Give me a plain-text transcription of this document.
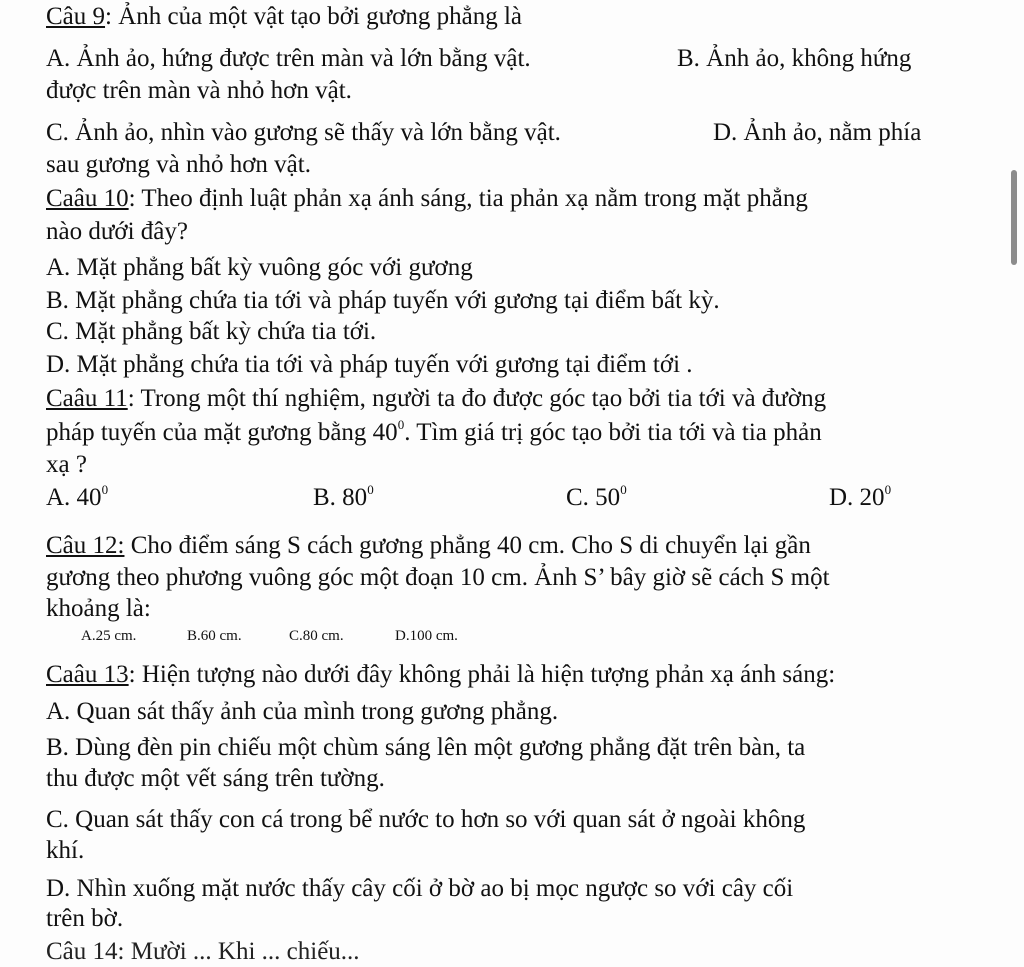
Câu 9: Ảnh của một vật tạo bởi gương phẳng là
A. Ảnh ảo, hứng được trên màn và lớn bằng vật.	B. Ảnh ảo, không hứng
được trên màn và nhỏ hơn vật.
C. Ảnh ảo, nhìn vào gương sẽ thấy và lớn bằng vật.	D. Ảnh ảo, nằm phía
sau gương và nhỏ hơn vật.
Caâu 10: Theo định luật phản xạ ánh sáng, tia phản xạ nằm trong mặt phẳng
nào dưới đây?
A. Mặt phẳng bất kỳ vuông góc với gương
B. Mặt phẳng chứa tia tới và pháp tuyến với gương tại điểm bất kỳ.
C. Mặt phẳng bất kỳ chứa tia tới.
D. Mặt phẳng chứa tia tới và pháp tuyến với gương tại điểm tới .
Caâu 11: Trong một thí nghiệm, người ta đo được góc tạo bởi tia tới và đường
pháp tuyến của mặt gương bằng $40^0$. Tìm giá trị góc tạo bởi tia tới và tia phản
xạ ?
A. $40^0$	B. $80^0$	C. $50^0$	D. $20^0$
Câu 12: Cho điểm sáng S cách gương phẳng 40 cm. Cho S di chuyển lại gần
gương theo phương vuông góc một đoạn 10 cm. Ảnh S’ bây giờ sẽ cách S một
khoảng là:
A.25 cm.	B.60 cm.	C.80 cm.	D.100 cm.
Caâu 13: Hiện tượng nào dưới đây không phải là hiện tượng phản xạ ánh sáng:
A. Quan sát thấy ảnh của mình trong gương phẳng.
B. Dùng đèn pin chiếu một chùm sáng lên một gương phẳng đặt trên bàn, ta
thu được một vết sáng trên tường.
C. Quan sát thấy con cá trong bể nước to hơn so với quan sát ở ngoài không
khí.
D. Nhìn xuống mặt nước thấy cây cối ở bờ ao bị mọc ngược so với cây cối
trên bờ.
Câu 14: Mười ... Khi ... chiếu...
